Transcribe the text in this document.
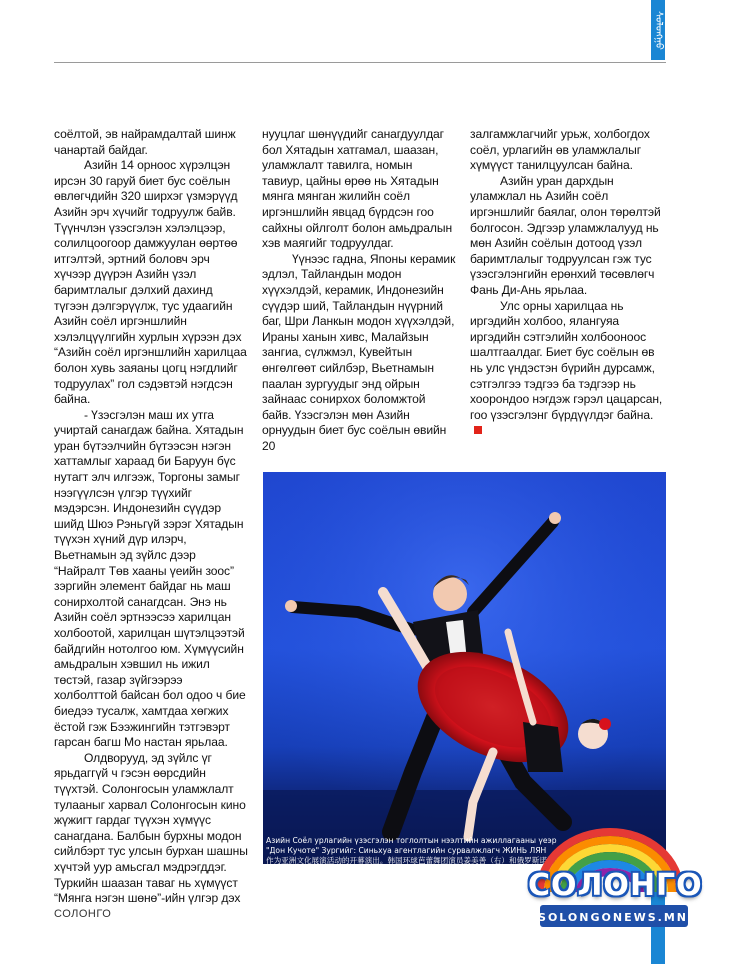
ᠰᠣᠯᠣᠩᠭᠣ

соёлтой, эв найрамдалтай шинж чанартай байдаг.

Азийн 14 орноос хүрэлцэн ирсэн 30 гаруй биет бус соёлын өвлөгчдийн 320 ширхэг үзмэрүүд Азийн эрч хүчийг тодруулж байв. Түүнчлэн үзэсгэлэн хэлэлцээр, солилцоогоор дамжуулан өөртөө итгэлтэй, эртний боловч эрч хүчээр дүүрэн Азийн үзэл баримтлалыг дэлхий дахинд түгээн дэлгэрүүлж, тус удаагийн Азийн соёл иргэншлийн хэлэлцүүлгийн хурлын хүрээн дэх “Азийн соёл иргэншлийн харилцаа болон хувь заяаны цогц нэгдлийг тодруулах” гол сэдэвтэй нэгдсэн байна.

- Үзэсгэлэн маш их утга учиртай санагдаж байна. Хятадын уран бүтээлчийн бүтээсэн нэгэн хаттамлыг хараад би Баруун бүс нутагт элч илгээж, Торгоны замыг нээгүүлсэн үлгэр түүхийг мэдэрсэн. Индонезийн сүүдэр шийд Шюэ Рэньгүй зэрэг Хятадын түүхэн хүний дүр илэрч, Вьетнамын эд зүйлс дээр “Найралт Төв хааны үеийн зоос” зэргийн элемент байдаг нь маш сонирхолтой санагдсан. Энэ нь Азийн соёл эртнээсээ харилцан холбоотой, харилцан шүтэлцээтэй байдгийн нотолгоо юм. Хүмүүсийн амьдралын хэвшил нь ижил төстэй, газар зүйгээрээ холболттой байсан бол одоо ч бие биедээ тусалж, хамтдаа хөгжих ёстой гэж Бээжингийн тэтгэвэрт гарсан багш Мо настан ярьлаа.

Олдворууд, эд зүйлс үг ярьдаггүй ч гэсэн өөрсдийн түүхтэй. Солонгосын уламжлалт тулааныг харвал Солонгосын кино жүжигт гардаг түүхэн хүмүүс санагдана. Балбын бурхны модон сийлбэрт тус улсын бурхан шашны хүчтэй уур амьсгал мэдрэгддэг. Туркийн шаазан таваг нь хүмүүст “Мянга нэгэн шөнө”-ийн үлгэр дэх

нууцлаг шөнүүдийг санагдуулдаг бол Хятадын хатгамал, шаазан, уламжлалт тавилга, номын тавиур, цайны өрөө нь Хятадын мянга мянган жилийн соёл иргэншлийн явцад бүрдсэн гоо сайхны ойлголт болон амьдралын хэв маягийг тодруулдаг.

Үүнээс гадна, Японы керамик эдлэл, Тайландын модон хүүхэлдэй, керамик, Индонезийн сүүдэр ший, Тайландын нүүрний баг, Шри Ланкын модон хүүхэлдэй, Ираны ханын хивс, Малайзын зангиа, сүлжмэл, Кувейтын өнгөлгөөт сийлбэр, Вьетнамын паалан зургуудыг энд ойрын зайнаас сонирхох боломжтой байв. Үзэсгэлэн мөн Азийн орнуудын биет бус соёлын өвийн 20

залгамжлагчийг урьж, холбогдох соёл, урлагийн өв уламжлалыг хүмүүст танилцуулсан байна.

Азийн уран дархдын уламжлал нь Азийн соёл иргэншлийг баялаг, олон төрөлтэй болгосон. Эдгээр уламжлалууд нь мөн Азийн соёлын дотоод үзэл баримтлалыг тодруулсан гэж тус үзэсгэлэнгийн ерөнхий төсөвлөгч Фань Ди-Ань ярьлаа.

Улс орны харилцаа нь иргэдийн холбоо, ялангуяа иргэдийн сэтгэлийн холбоонoос шалтгаалдаг. Биет бус соёлын өв нь улс үндэстэн бүрийн дурсамж, сэтгэлгээ тэдгээ ба тэдгээр нь хоорондоо нэгдэж гэрэл цацарсан, гоо үзэсгэлэнг бүрдүүлдэг байна.

Азийн Соёл урлагийн үзэсгэлэн тоглолтын нээлтийн ажиллагааны үеэр
"Дон Кучоте" Зургийг: Синьхуа агентлагийн сурвалжлагч ЖИНЬ ЛЯН
作为亚洲文化展演活动的开幕演出。韩国环球芭蕾舞团演员姜美善（右）和俄罗斯诺沃西比尔斯克
芭蕾《堂·吉诃德》婚礼双人舞。新华社记者 金良快 摄
СОЛОНГО
СОЛОНГО
SOLONGONEWS.MN
